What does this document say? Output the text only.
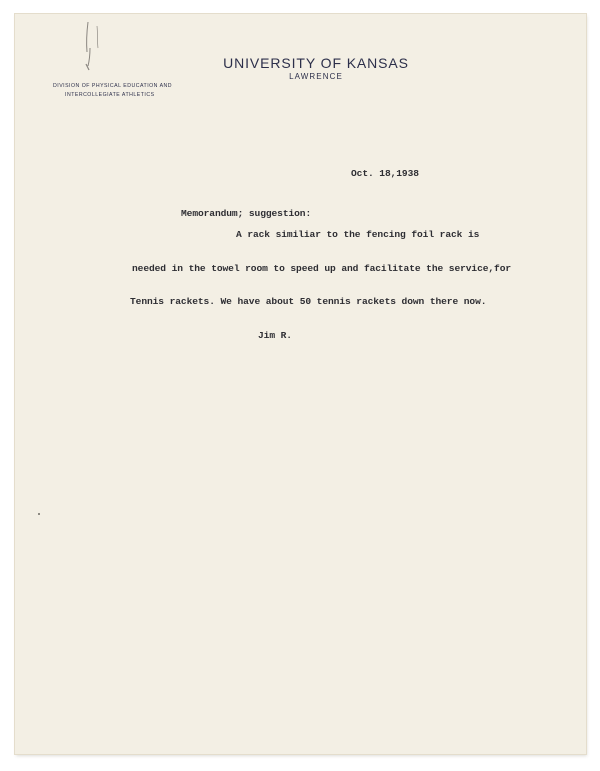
UNIVERSITY OF KANSAS
LAWRENCE
DIVISION OF PHYSICAL EDUCATION AND
INTERCOLLEGIATE ATHLETICS
Oct. 18,1938
Memorandum; suggestion:
A rack similiar to the fencing foil rack is
needed in the towel room to speed up and facilitate the service,for
Tennis rackets. We have about 50 tennis rackets down there now.
Jim R.
